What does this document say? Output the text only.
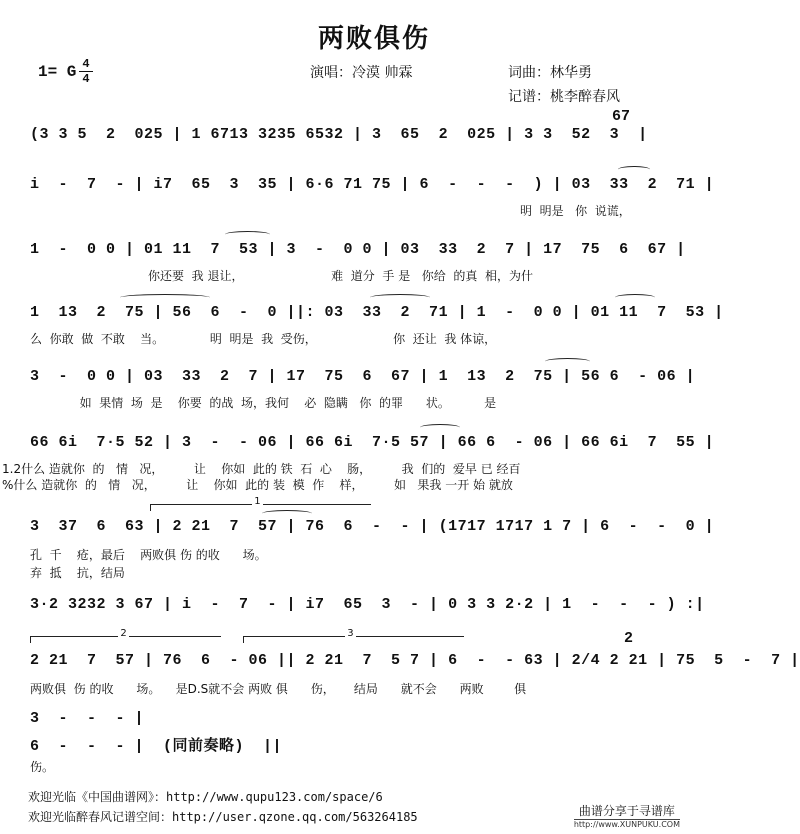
两败俱伤
演唱：冷漠 帅霖	词曲：林华勇
记谱：桃李醉春风
1= G 4
4
67
(3 3 5  2  025 | 1 6713 3235 6532 | 3  65  2  025 | 3 3  52  3  |
i  -  7  - | i7  65  3  35 | 6·6 71 75 | 6  -  -  -  ) | 03  33  2  71 |
明  明是   你  说谎，
1  -  0 0 | 01 11  7  53 | 3  -  0 0 | 03  33  2  7 | 17  75  6  67 |
你还要  我 退让，                       难  道分  手 是   你给  的真  相，为什
1  13  2  75 | 56  6  -  0 ||: 03  33  2  71 | 1  -  0 0 | 01 11  7  53 |
么  你敢  做  不敢    当。            明  明是  我  受伤，                    你  还让  我 体谅，
3  -  0 0 | 03  33  2  7 | 17  75  6  67 | 1  13  2  75 | 56 6  - 06 |
如  果情  场  是    你要  的战  场，我何    必  隐瞒   你  的罪      状。         是
66 6i  7·5 52 | 3  -  - 06 | 66 6i  7·5 57 | 66 6  - 06 | 66 6i  7  55 |
1.2什么 造就你  的   情   况，        让    你如  此的 铁  石  心    肠，        我  们的  爱早 已 经百
%什么 造就你  的   情   况，        让    你如  此的 装  模  作    样，        如   果我 一开 始 就放
1
3  37  6  63 | 2 21  7  57 | 76  6  -  - | (1717 1717 1 7 | 6  -  -  0 |
孔  千    疮，最后    两败俱 伤 的收      场。
弃  抵    抗，结局
3·2 3232 3 67 | i  -  7  - | i7  65  3  - | 0 3 3 2·2 | 1  -  -  - ) :|
2	3	2
2 21  7  57 | 76  6  - 06 || 2 21  7  5 7 | 6  -  - 63 | 2/4 2 21 | 75  5  -  7 |
两败俱  伤 的收      场。    是D.S就不会 两败 俱      伤，     结局      就不会      两败        俱
3  -  -  - |
6  -  -  - |  (同前奏略)  ||
伤。
欢迎光临《中国曲谱网》：http://www.qupu123.com/space/6
欢迎光临醉春风记谱空间：http://user.qzone.qq.com/563264185	曲谱分享于寻谱库
http://www.XUNPUKU.COM
